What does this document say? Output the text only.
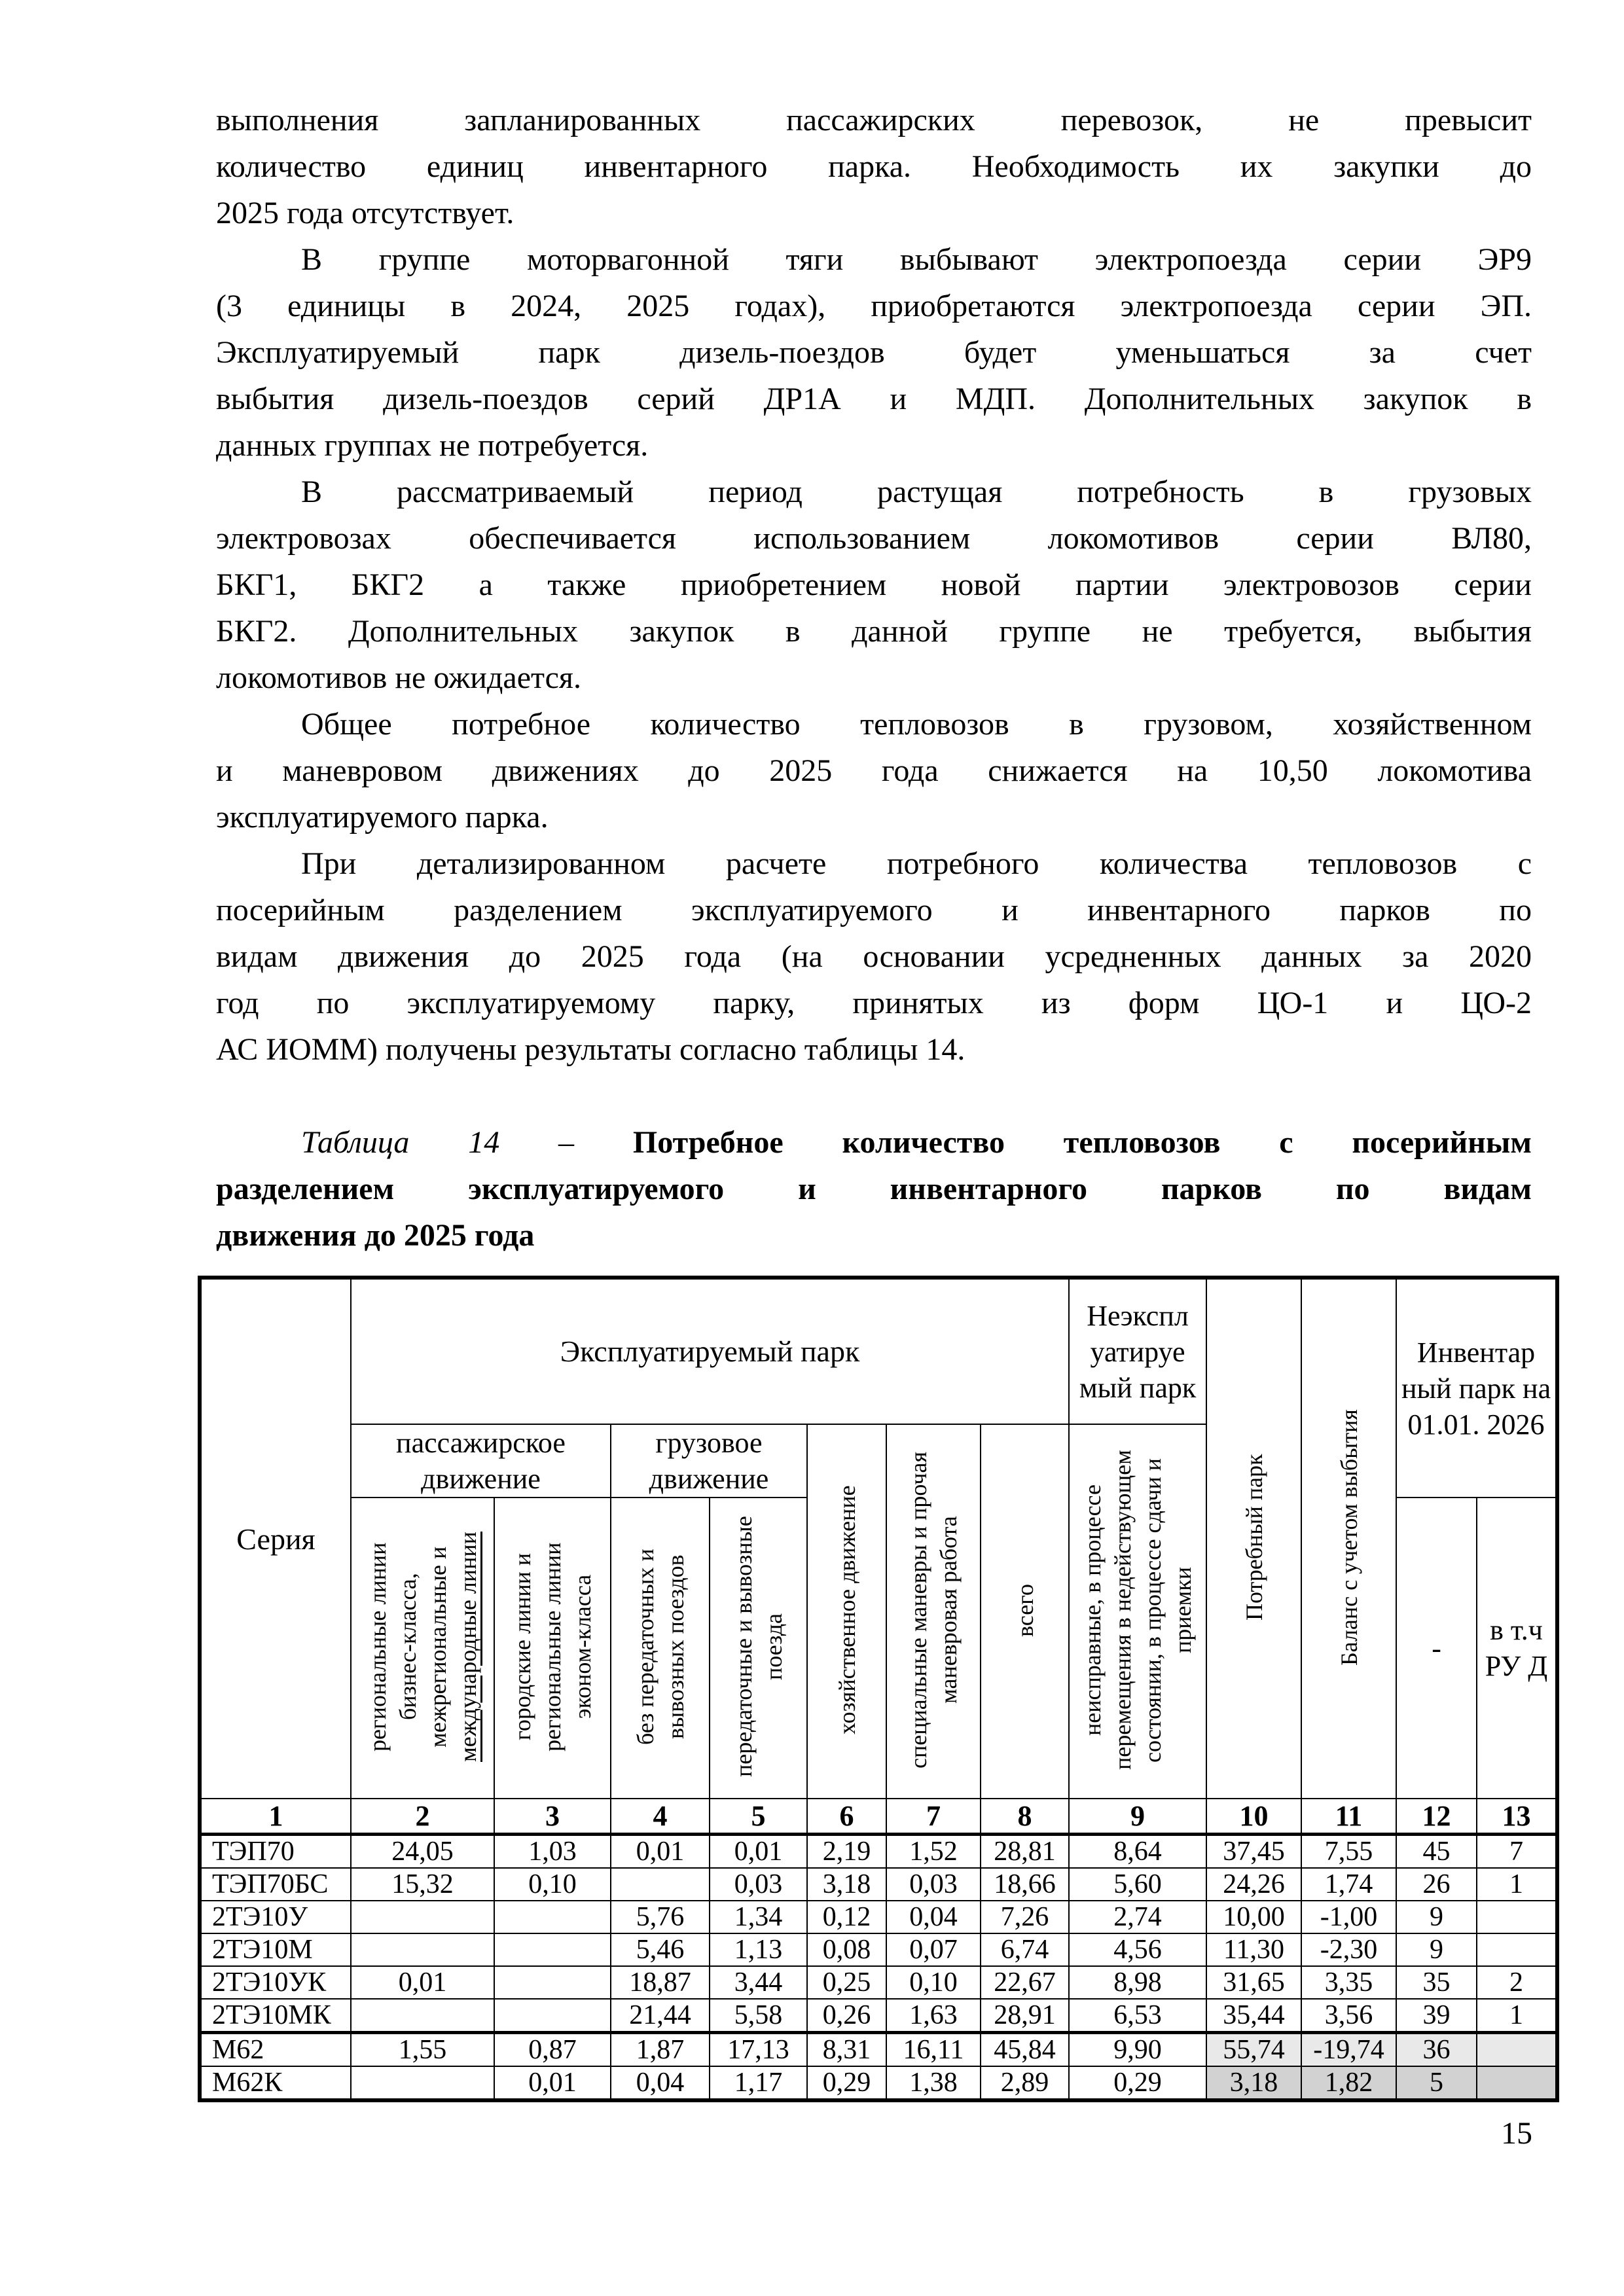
выполнения запланированных пассажирских перевозок, не превысит
количество единиц инвентарного парка. Необходимость их закупки до
2025 года отсутствует.

В группе моторвагонной тяги выбывают электропоезда серии ЭР9
(3 единицы в 2024, 2025 годах), приобретаются электропоезда серии ЭП.
Эксплуатируемый парк дизель-поездов будет уменьшаться за счет
выбытия дизель-поездов серий ДР1А и МДП. Дополнительных закупок в
данных группах не потребуется.

В рассматриваемый период растущая потребность в грузовых
электровозах обеспечивается использованием локомотивов серии ВЛ80,
БКГ1, БКГ2 а также приобретением новой партии электровозов серии
БКГ2. Дополнительных закупок в данной группе не требуется, выбытия
локомотивов не ожидается.

Общее потребное количество тепловозов в грузовом, хозяйственном
и маневровом движениях до 2025 года снижается на 10,50 локомотива
эксплуатируемого парка.

При детализированном расчете потребного количества тепловозов с
посерийным разделением эксплуатируемого и инвентарного парков по
видам движения до 2025 года (на основании усредненных данных за 2020
год по эксплуатируемому парку, принятых из форм ЦО-1 и ЦО-2
АС ИОММ) получены результаты согласно таблицы 14.

Таблица 14 – Потребное количество тепловозов с посерийным
разделением эксплуатируемого и инвентарного парков по видам
движения до 2025 года

Серия	Эксплуатируемый парк							Неэкспл уатируе мый парк	Потребный парк	Баланс с учетом выбытия	Инвентар ный парк на 01.01. 2026	
	пассажирское движение		грузовое движение		хозяйственное движение	специальные маневры и прочая маневровая работа	всего	неисправные, в процессе перемещения в недействующем состоянии, в процессе сдачи и приемки				
	региональные линии бизнес-класса, межрегиональные и международные линии	городские линии и региональные линии эконом-класса	без передаточных и вывозных поездов	передаточные и вывозные поезда							-	в т.ч РУ Д
1	2	3	4	5	6	7	8	9	10	11	12	13
ТЭП70	24,05	1,03	0,01	0,01	2,19	1,52	28,81	8,64	37,45	7,55	45	7
ТЭП70БС	15,32	0,10		0,03	3,18	0,03	18,66	5,60	24,26	1,74	26	1
2ТЭ10У			5,76	1,34	0,12	0,04	7,26	2,74	10,00	-1,00	9	
2ТЭ10М			5,46	1,13	0,08	0,07	6,74	4,56	11,30	-2,30	9	
2ТЭ10УК	0,01		18,87	3,44	0,25	0,10	22,67	8,98	31,65	3,35	35	2
2ТЭ10МК			21,44	5,58	0,26	1,63	28,91	6,53	35,44	3,56	39	1
М62	1,55	0,87	1,87	17,13	8,31	16,11	45,84	9,90	55,74	-19,74	36	
М62К		0,01	0,04	1,17	0,29	1,38	2,89	0,29	3,18	1,82	5	
15
